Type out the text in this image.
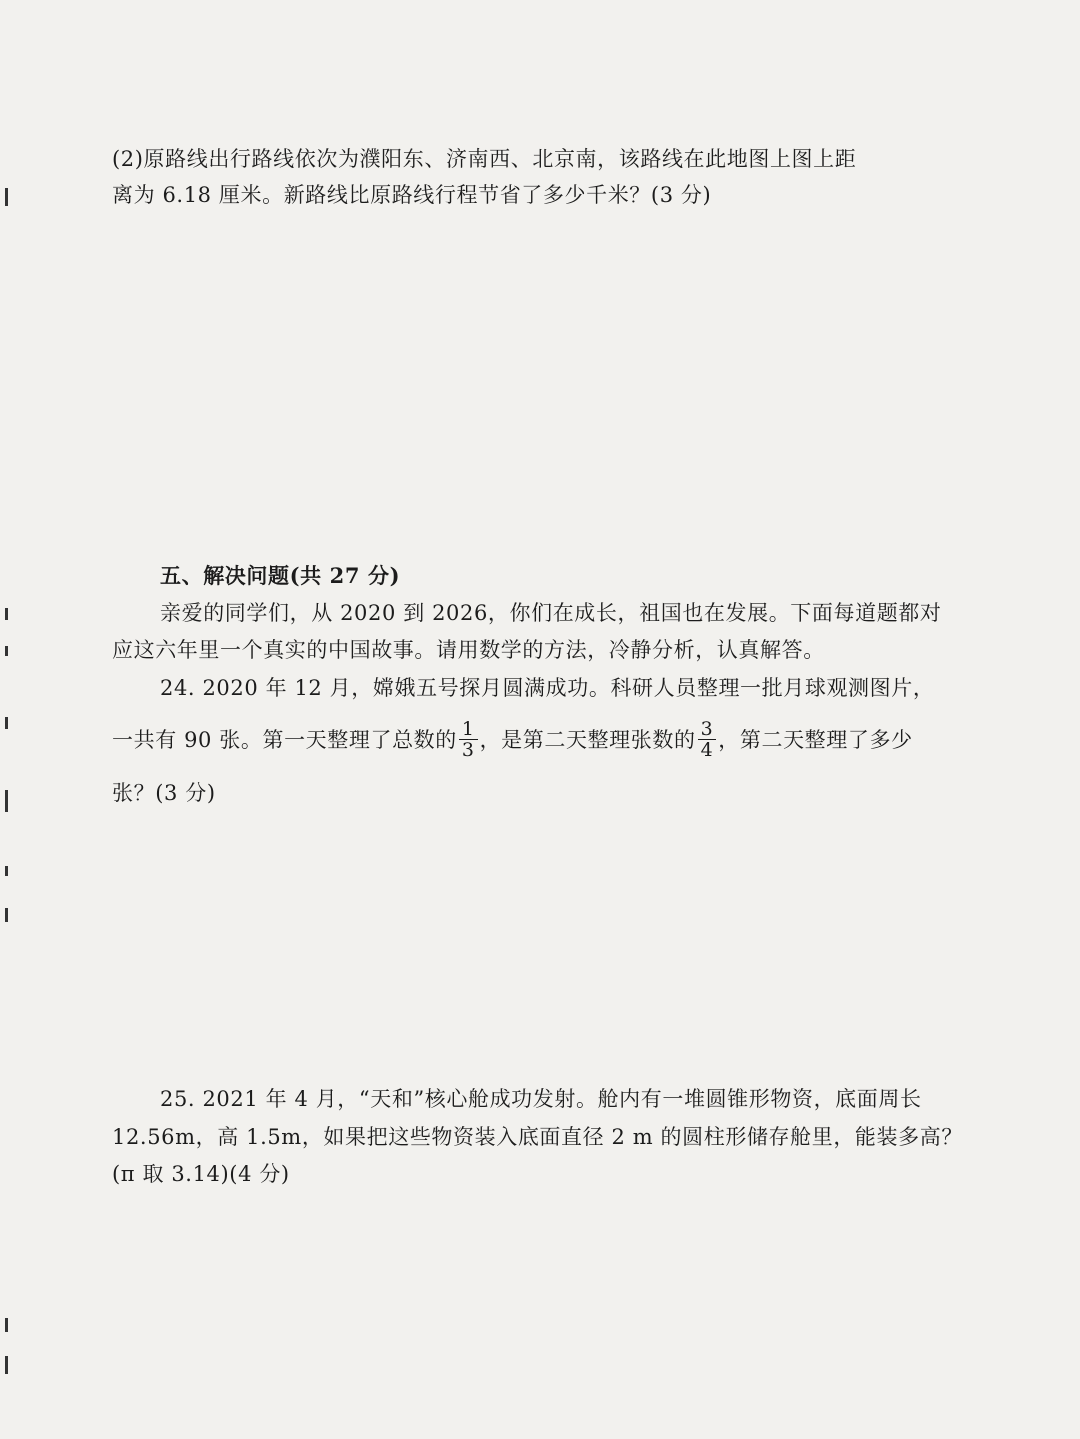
(2)原路线出行路线依次为濮阳东、济南西、北京南，该路线在此地图上图上距
离为 6.18 厘米。新路线比原路线行程节省了多少千米？(3 分)
五、解决问题(共 27 分)
亲爱的同学们，从 2020 到 2026，你们在成长，祖国也在发展。下面每道题都对
应这六年里一个真实的中国故事。请用数学的方法，冷静分析，认真解答。
24. 2020 年 12 月，嫦娥五号探月圆满成功。科研人员整理一批月球观测图片，
一共有 90 张。第一天整理了总数的 $\frac{1}{3}$ ，是第二天整理张数的 $\frac{3}{4}$ ，第二天整理了多少
张？(3 分)
25. 2021 年 4 月，“天和”核心舱成功发射。舱内有一堆圆锥形物资，底面周长
12.56m，高 1.5m，如果把这些物资装入底面直径 2 m 的圆柱形储存舱里，能装多高？
(π 取 3.14)(4 分)
